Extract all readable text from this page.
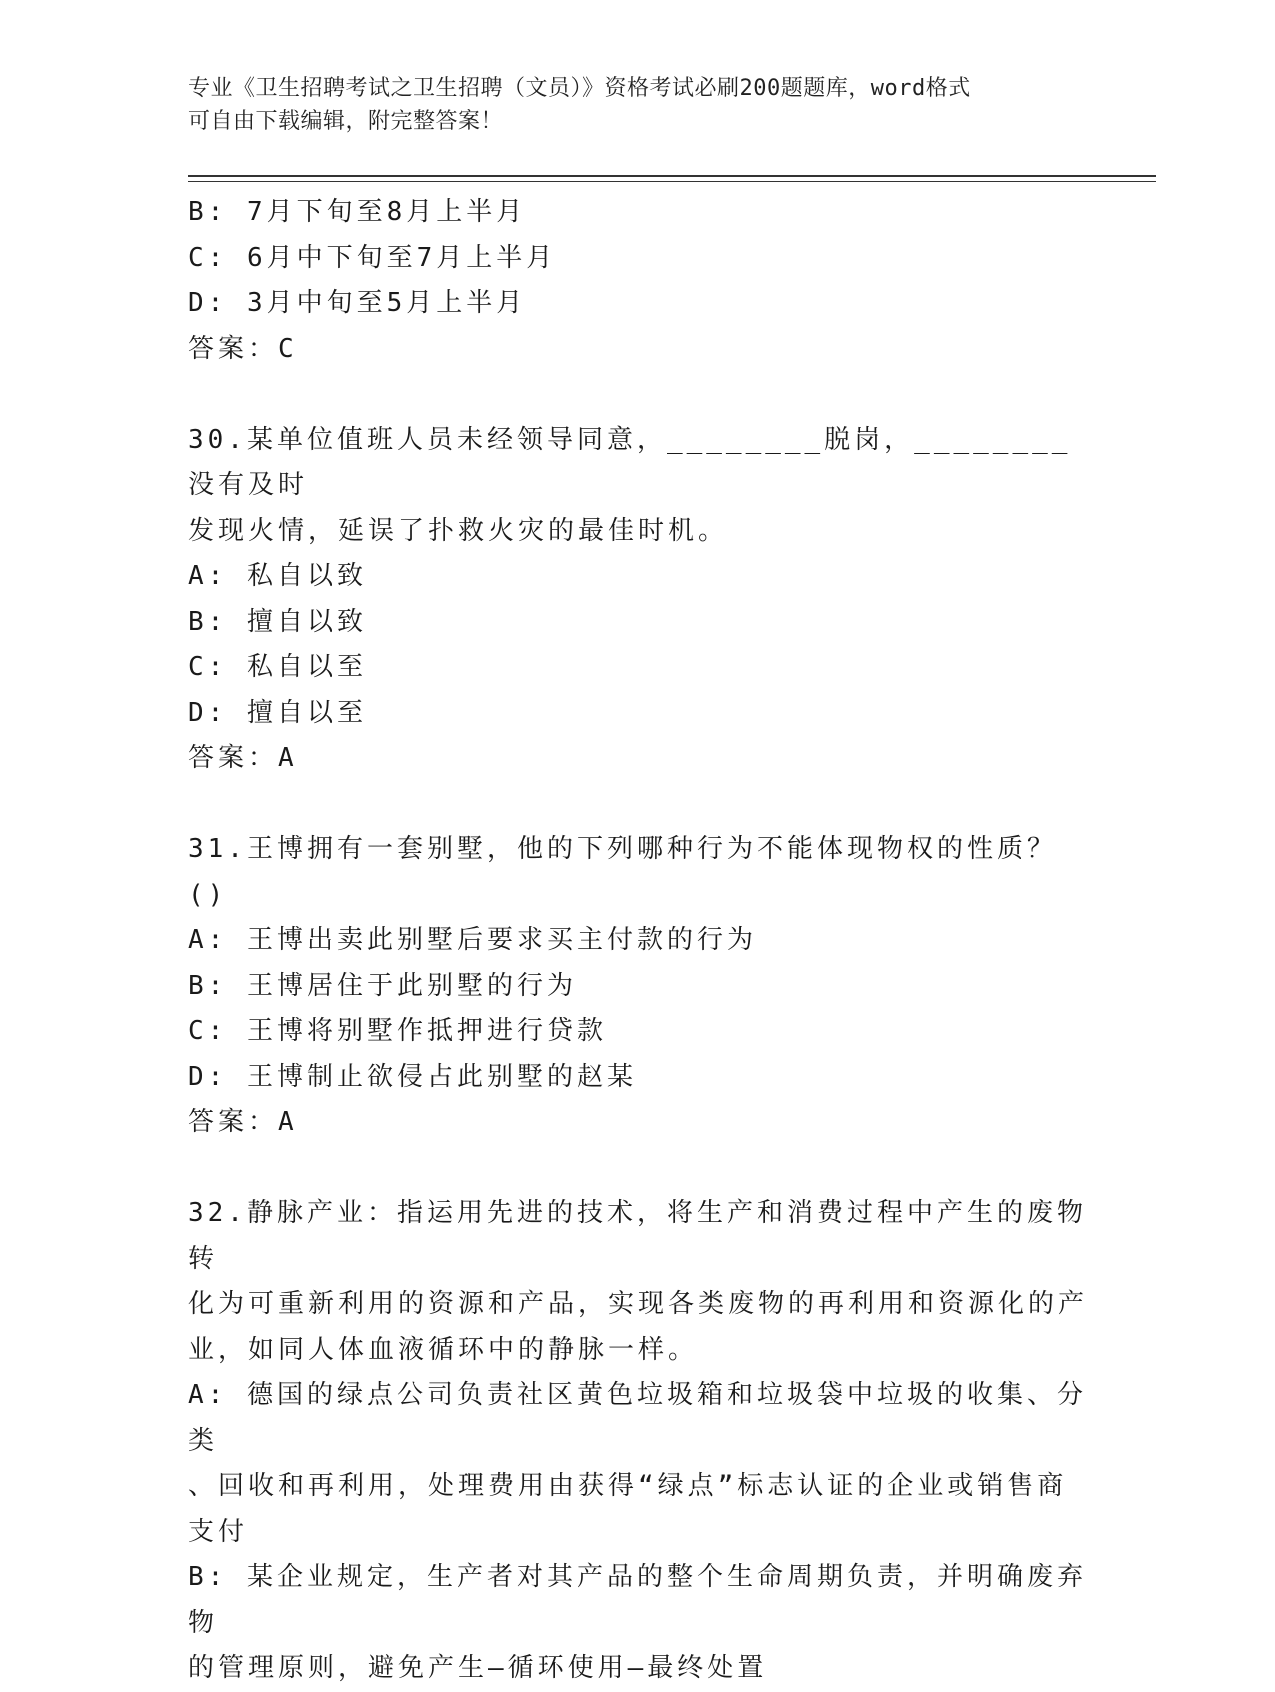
专业《卫生招聘考试之卫生招聘（文员）》资格考试必刷200题题库，word格式
可自由下载编辑，附完整答案！
B: 7月下旬至8月上半月
C: 6月中下旬至7月上半月
D: 3月中旬至5月上半月
答案：C
30.某单位值班人员未经领导同意，________脱岗，________没有及时
发现火情，延误了扑救火灾的最佳时机。
A: 私自以致
B: 擅自以致
C: 私自以至
D: 擅自以至
答案：A
31.王博拥有一套别墅，他的下列哪种行为不能体现物权的性质？()
A: 王博出卖此别墅后要求买主付款的行为
B: 王博居住于此别墅的行为
C: 王博将别墅作抵押进行贷款
D: 王博制止欲侵占此别墅的赵某
答案：A
32.静脉产业：指运用先进的技术，将生产和消费过程中产生的废物转
化为可重新利用的资源和产品，实现各类废物的再利用和资源化的产
业，如同人体血液循环中的静脉一样。
A: 德国的绿点公司负责社区黄色垃圾箱和垃圾袋中垃圾的收集、分类
、回收和再利用，处理费用由获得“绿点”标志认证的企业或销售商
支付
B: 某企业规定，生产者对其产品的整个生命周期负责，并明确废弃物
的管理原则，避免产生—循环使用—最终处置
